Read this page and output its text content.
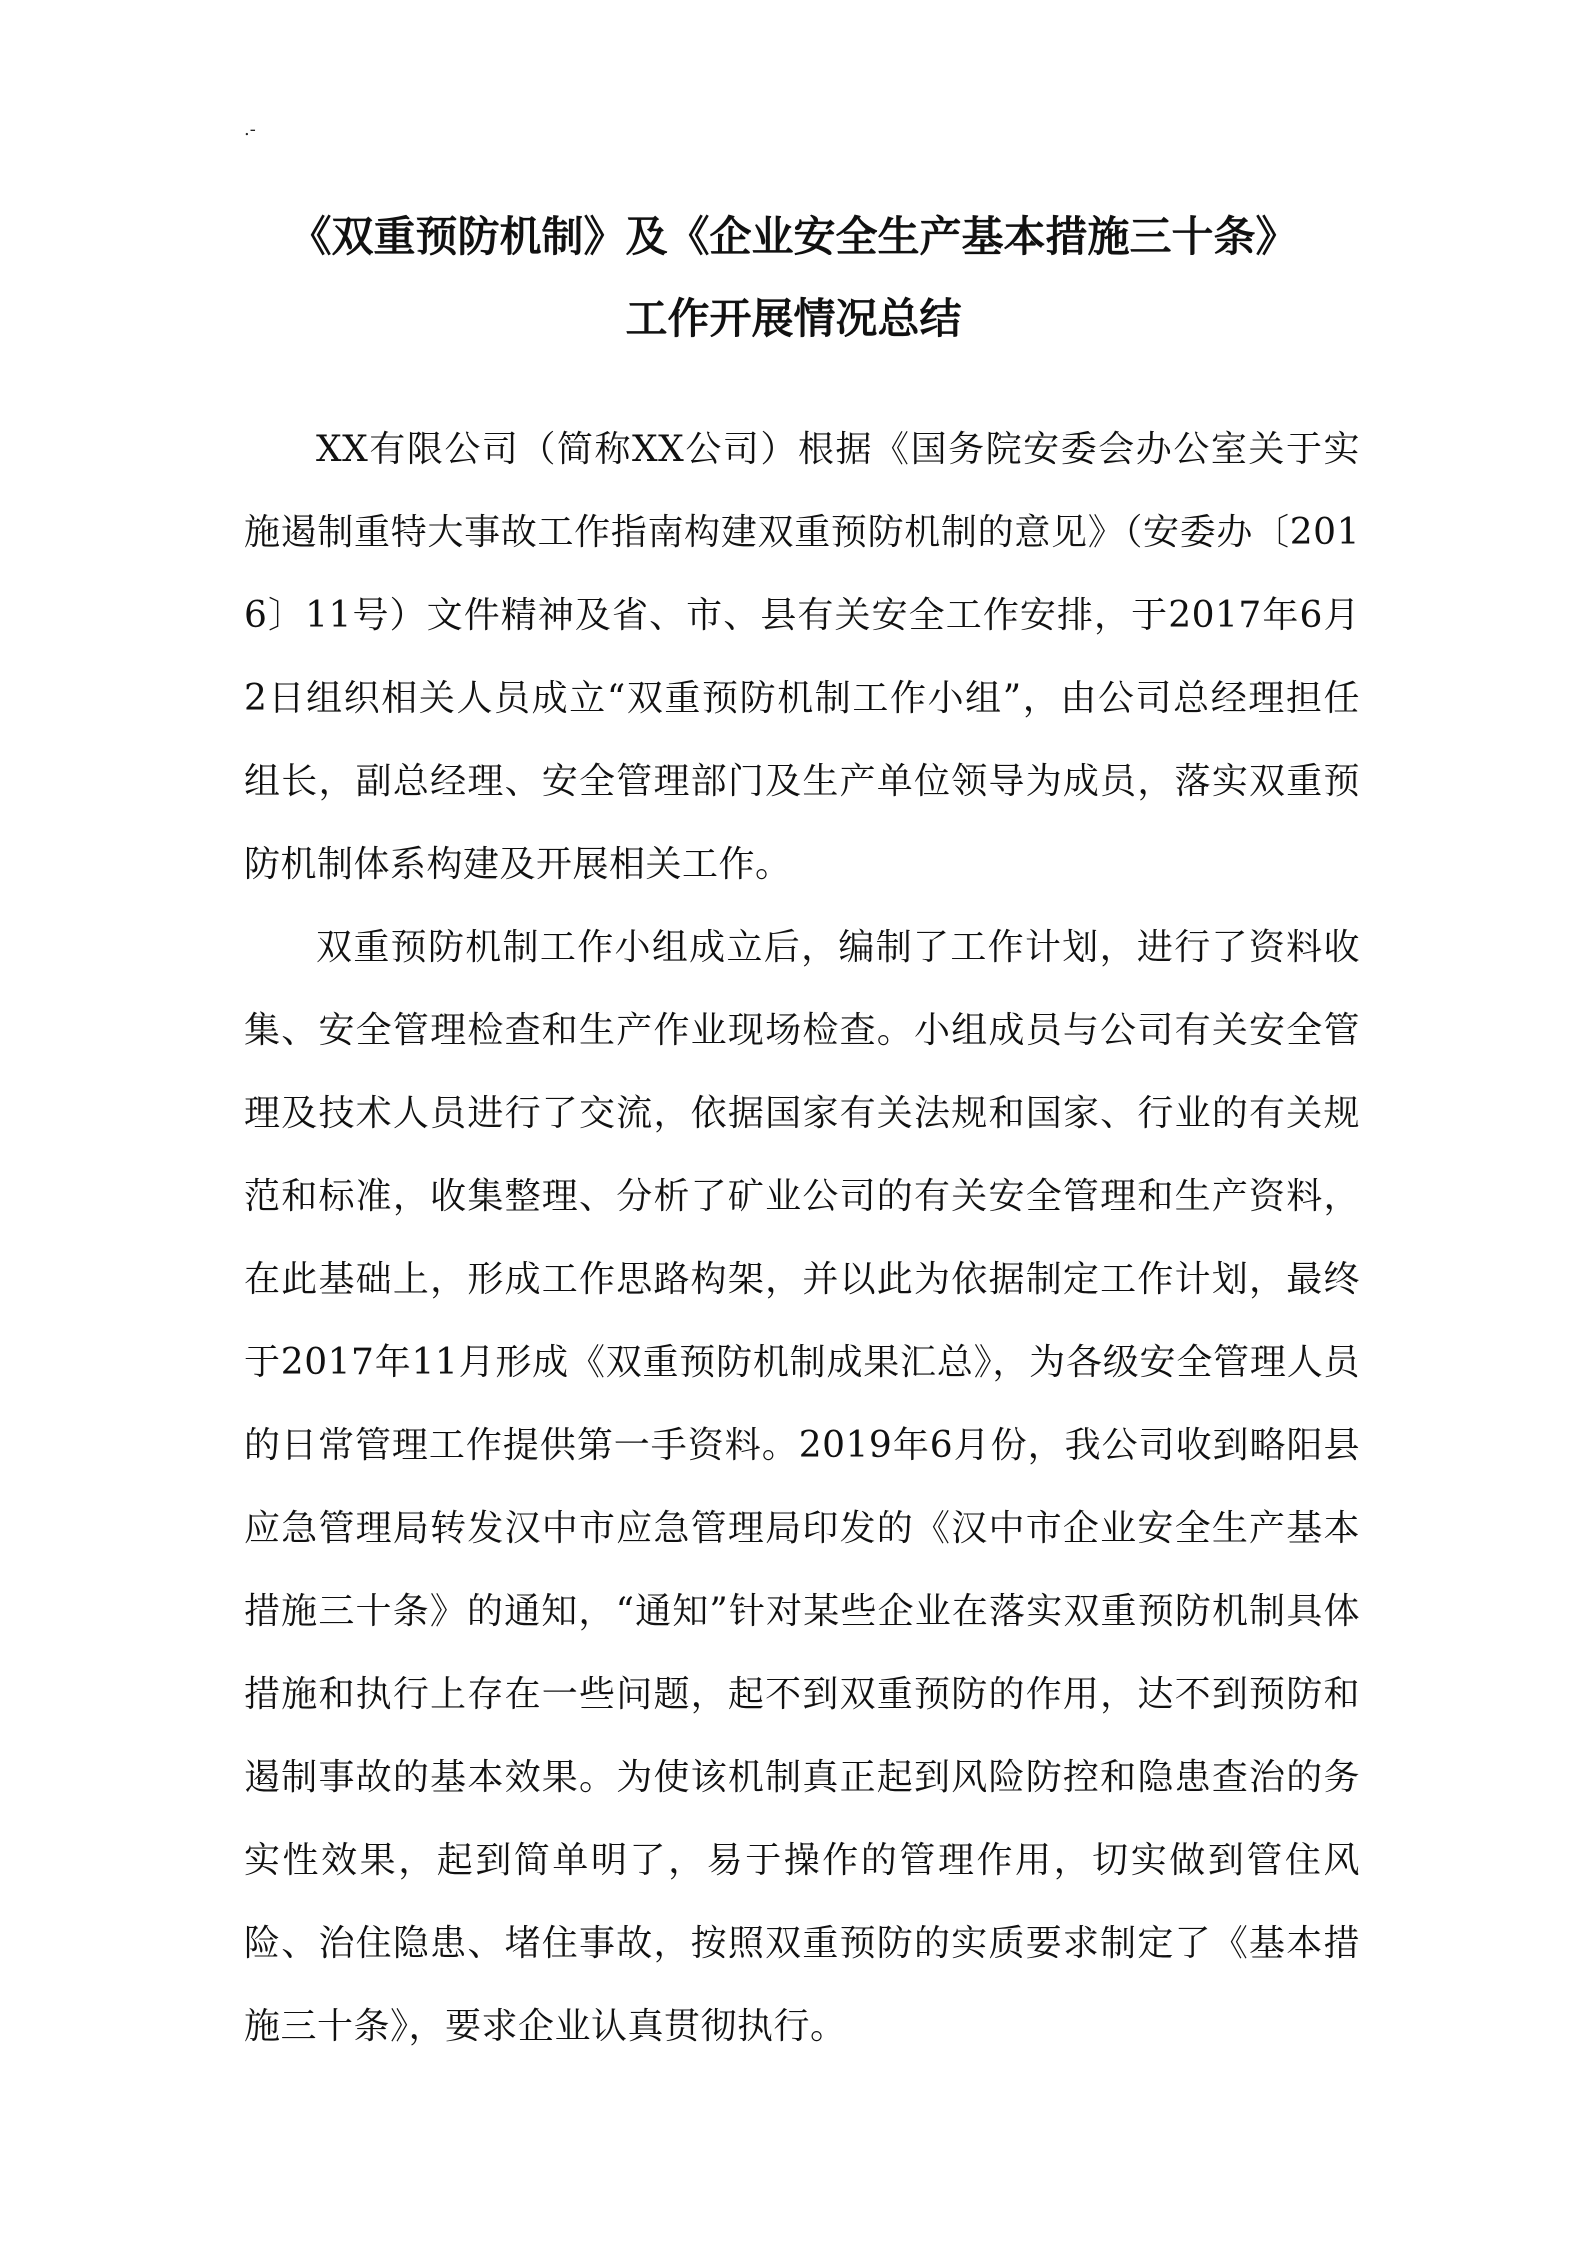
.-
《双重预防机制》及《企业安全生产基本措施三十条》
工作开展情况总结

XX有限公司（简称XX公司）根据《国务院安委会办公室关于实施遏制重特大事故工作指南构建双重预防机制的意见》（安委办〔2016〕11号）文件精神及省、市、县有关安全工作安排，于2017年6月2日组织相关人员成立“双重预防机制工作小组”，由公司总经理担任组长，副总经理、安全管理部门及生产单位领导为成员，落实双重预防机制体系构建及开展相关工作。

双重预防机制工作小组成立后，编制了工作计划，进行了资料收集、安全管理检查和生产作业现场检查。小组成员与公司有关安全管理及技术人员进行了交流，依据国家有关法规和国家、行业的有关规范和标准，收集整理、分析了矿业公司的有关安全管理和生产资料，在此基础上，形成工作思路构架，并以此为依据制定工作计划，最终于2017年11月形成《双重预防机制成果汇总》，为各级安全管理人员的日常管理工作提供第一手资料。2019年6月份，我公司收到略阳县应急管理局转发汉中市应急管理局印发的《汉中市企业安全生产基本措施三十条》的通知，“通知”针对某些企业在落实双重预防机制具体措施和执行上存在一些问题，起不到双重预防的作用，达不到预防和遏制事故的基本效果。为使该机制真正起到风险防控和隐患查治的务实性效果，起到简单明了，易于操作的管理作用，切实做到管住风险、治住隐患、堵住事故，按照双重预防的实质要求制定了《基本措施三十条》，要求企业认真贯彻执行。
